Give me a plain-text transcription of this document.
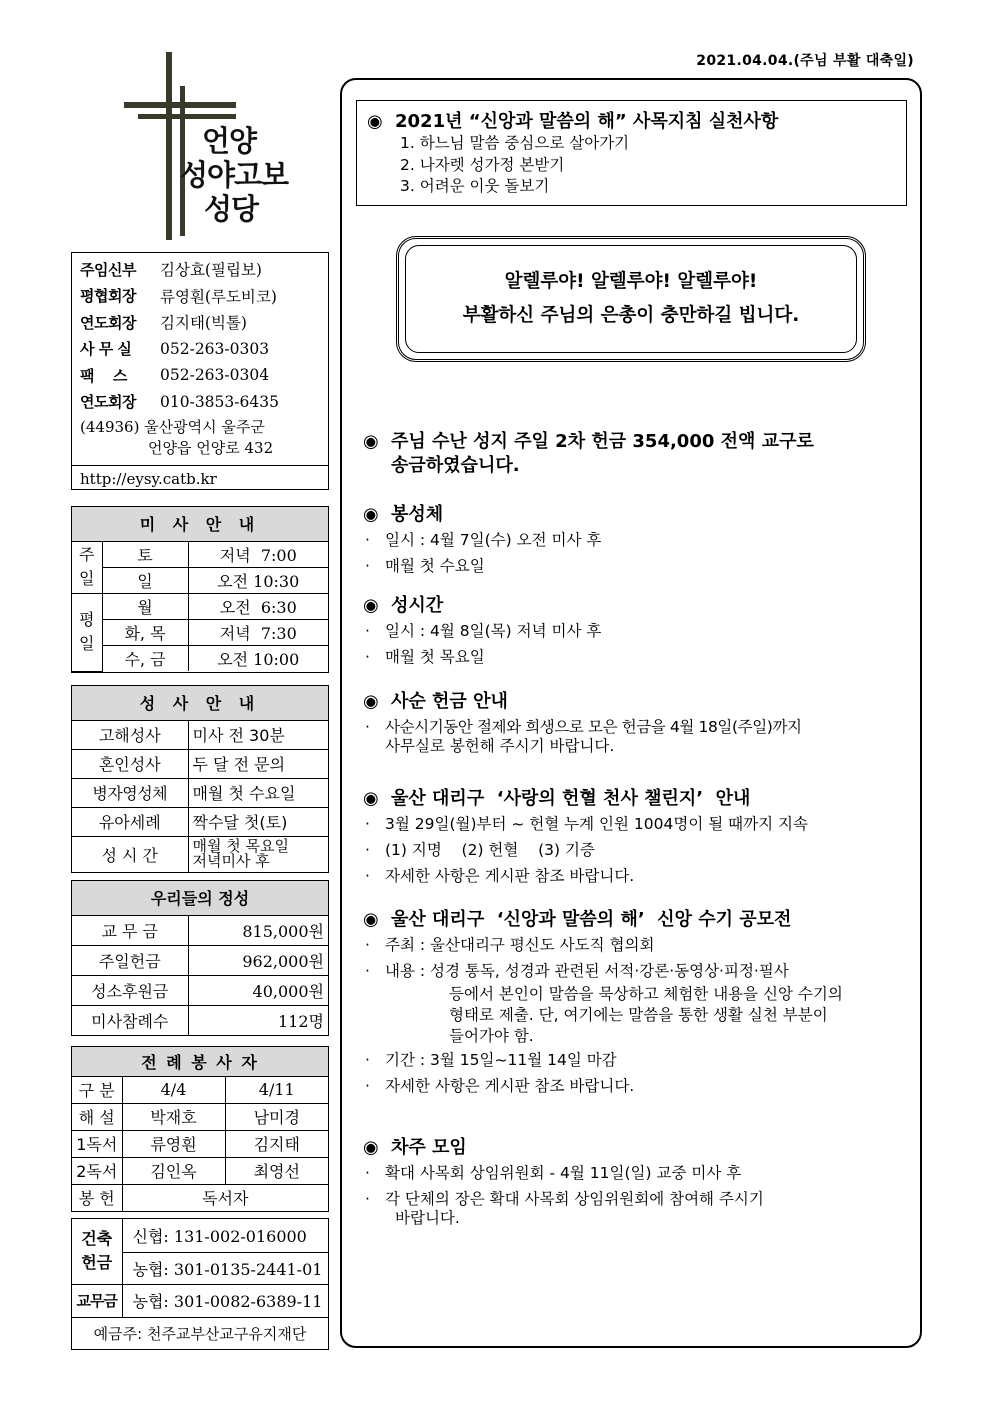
2021.04.04.(주님 부활 대축일)
언양
성야고보
성당
주임신부	김상효(필립보)
평협회장	류영훤(루도비코)
연도회장	김지태(빅톨)
사 무 실	052-263-0303
팩    스	052-263-0304
연도회장	010-3853-6435
(44936) 울산광역시 울주군
언양읍 언양로 432
http://eysy.catb.kr
미 사 안 내		
주일	토	저녁  7:00
	일	오전 10:30
평일	월	오전  6:30
	화, 목	저녁  7:30
	수, 금	오전 10:00
성 사 안 내	
고해성사	미사 전 30분
혼인성사	두 달 전 문의
병자영성체	매월 첫 수요일
유아세례	짝수달 첫(토)
성 시 간	매월 첫 목요일
저녁미사 후
우리들의 정성	
교 무 금	815,000원
주일헌금	962,000원
성소후원금	40,000원
미사참례수	112명
전 례 봉 사 자		
구 분	4/4	4/11
해 설	박재호	남미경
1독서	류영훤	김지태
2독서	김인옥	최영선
봉 헌	독서자	
건축
헌금	신협: 131-002-016000
	농협: 301-0135-2441-01
교무금	농협: 301-0082-6389-11
예금주: 천주교부산교구유지재단	
◉ 2021년 “신앙과 말씀의 해” 사목지침 실천사항
1. 하느님 말씀 중심으로 살아가기
2. 나자렛 성가정 본받기
3. 어려운 이웃 돌보기
알렐루야! 알렐루야! 알렐루야!
부활하신 주님의 은총이 충만하길 빕니다.
◉ 주님 수난 성지 주일 2차 헌금 354,000 전액 교구로
송금하였습니다.
◉ 봉성체
· 일시 : 4월 7일(수) 오전 미사 후
· 매월 첫 수요일
◉ 성시간
· 일시 : 4월 8일(목) 저녁 미사 후
· 매월 첫 목요일
◉ 사순 헌금 안내
· 사순시기동안 절제와 희생으로 모은 헌금을 4월 18일(주일)까지
사무실로 봉헌해 주시기 바랍니다.
◉ 울산 대리구  ‘사랑의 헌혈 천사 챌린지’  안내
· 3월 29일(월)부터 ~ 헌혈 누계 인원 1004명이 될 때까지 지속
· (1) 지명    (2) 헌혈    (3) 기증
· 자세한 사항은 게시판 참조 바랍니다.
◉ 울산 대리구  ‘신앙과 말씀의 해’  신앙 수기 공모전
· 주최 : 울산대리구 평신도 사도직 협의회
· 내용 : 성경 통독, 성경과 관련된 서적·강론·동영상·피정·필사
등에서 본인이 말씀을 묵상하고 체험한 내용을 신앙 수기의
형태로 제출. 단, 여기에는 말씀을 통한 생활 실천 부분이
들어가야 함.
· 기간 : 3월 15일~11월 14일 마감
· 자세한 사항은 게시판 참조 바랍니다.
◉ 차주 모임
· 확대 사목회 상임위원회 - 4월 11일(일) 교중 미사 후
· 각 단체의 장은 확대 사목회 상임위원회에 참여해 주시기
바랍니다.
